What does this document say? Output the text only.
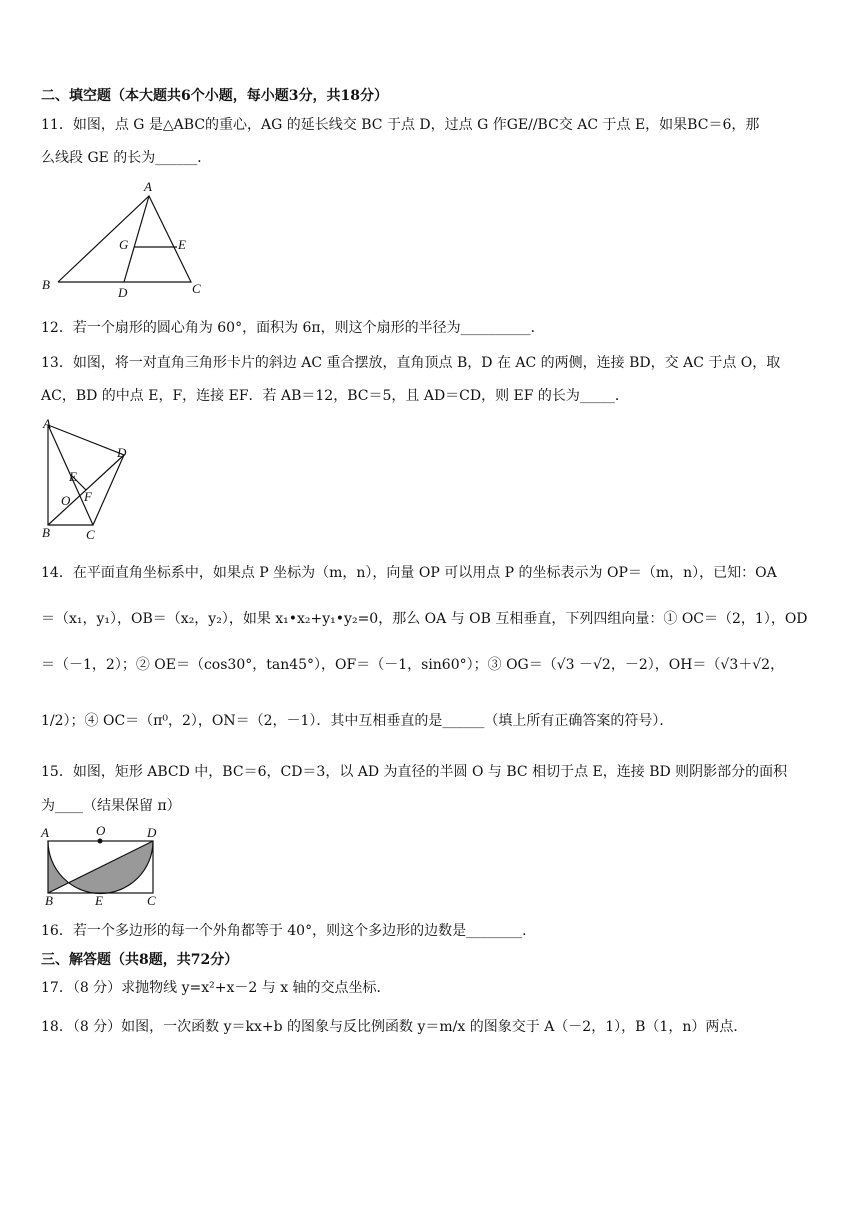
二、填空题（本大题共6个小题，每小题3分，共18分）
11．如图，点 G 是△ABC的重心，AG 的延长线交 BC 于点 D，过点 G 作GE//BC交 AC 于点 E，如果BC＝6，那
么线段 GE 的长为______．
A
B	C
D
G	E
12．若一个扇形的圆心角为 60°，面积为 6π，则这个扇形的半径为__________．
13．如图，将一对直角三角形卡片的斜边 AC 重合摆放，直角顶点 B，D 在 AC 的两侧，连接 BD，交 AC 于点 O，取
AC，BD 的中点 E，F，连接 EF．若 AB＝12，BC＝5，且 AD＝CD，则 EF 的长为_____．
A
B	C
D
E
O F
14．在平面直角坐标系中，如果点 P 坐标为（m，n），向量 OP 可以用点 P 的坐标表示为 OP＝（m，n），已知：OA
＝（x₁，y₁），OB＝（x₂，y₂），如果 x₁•x₂+y₁•y₂=0，那么 OA 与 OB 互相垂直，下列四组向量：① OC＝（2，1），OD
＝（－1，2）；② OE＝（cos30°，tan45°），OF＝（－1，sin60°）；③ OG＝（√3 －√2，－2），OH＝（√3＋√2，
1/2）；④ OC＝（π⁰，2），ON＝（2，－1）．其中互相垂直的是______（填上所有正确答案的符号）．
15．如图，矩形 ABCD 中，BC＝6，CD＝3，以 AD 为直径的半圆 O 与 BC 相切于点 E，连接 BD 则阴影部分的面积
为____（结果保留 π）
A	O	D
B	E	C
16．若一个多边形的每一个外角都等于 40°，则这个多边形的边数是________．
三、解答题（共8题，共72分）
17．（8 分）求抛物线 y=x²+x－2 与 x 轴的交点坐标．
18．（8 分）如图，一次函数 y＝kx+b 的图象与反比例函数 y＝m/x 的图象交于 A（－2，1），B（1，n）两点．
